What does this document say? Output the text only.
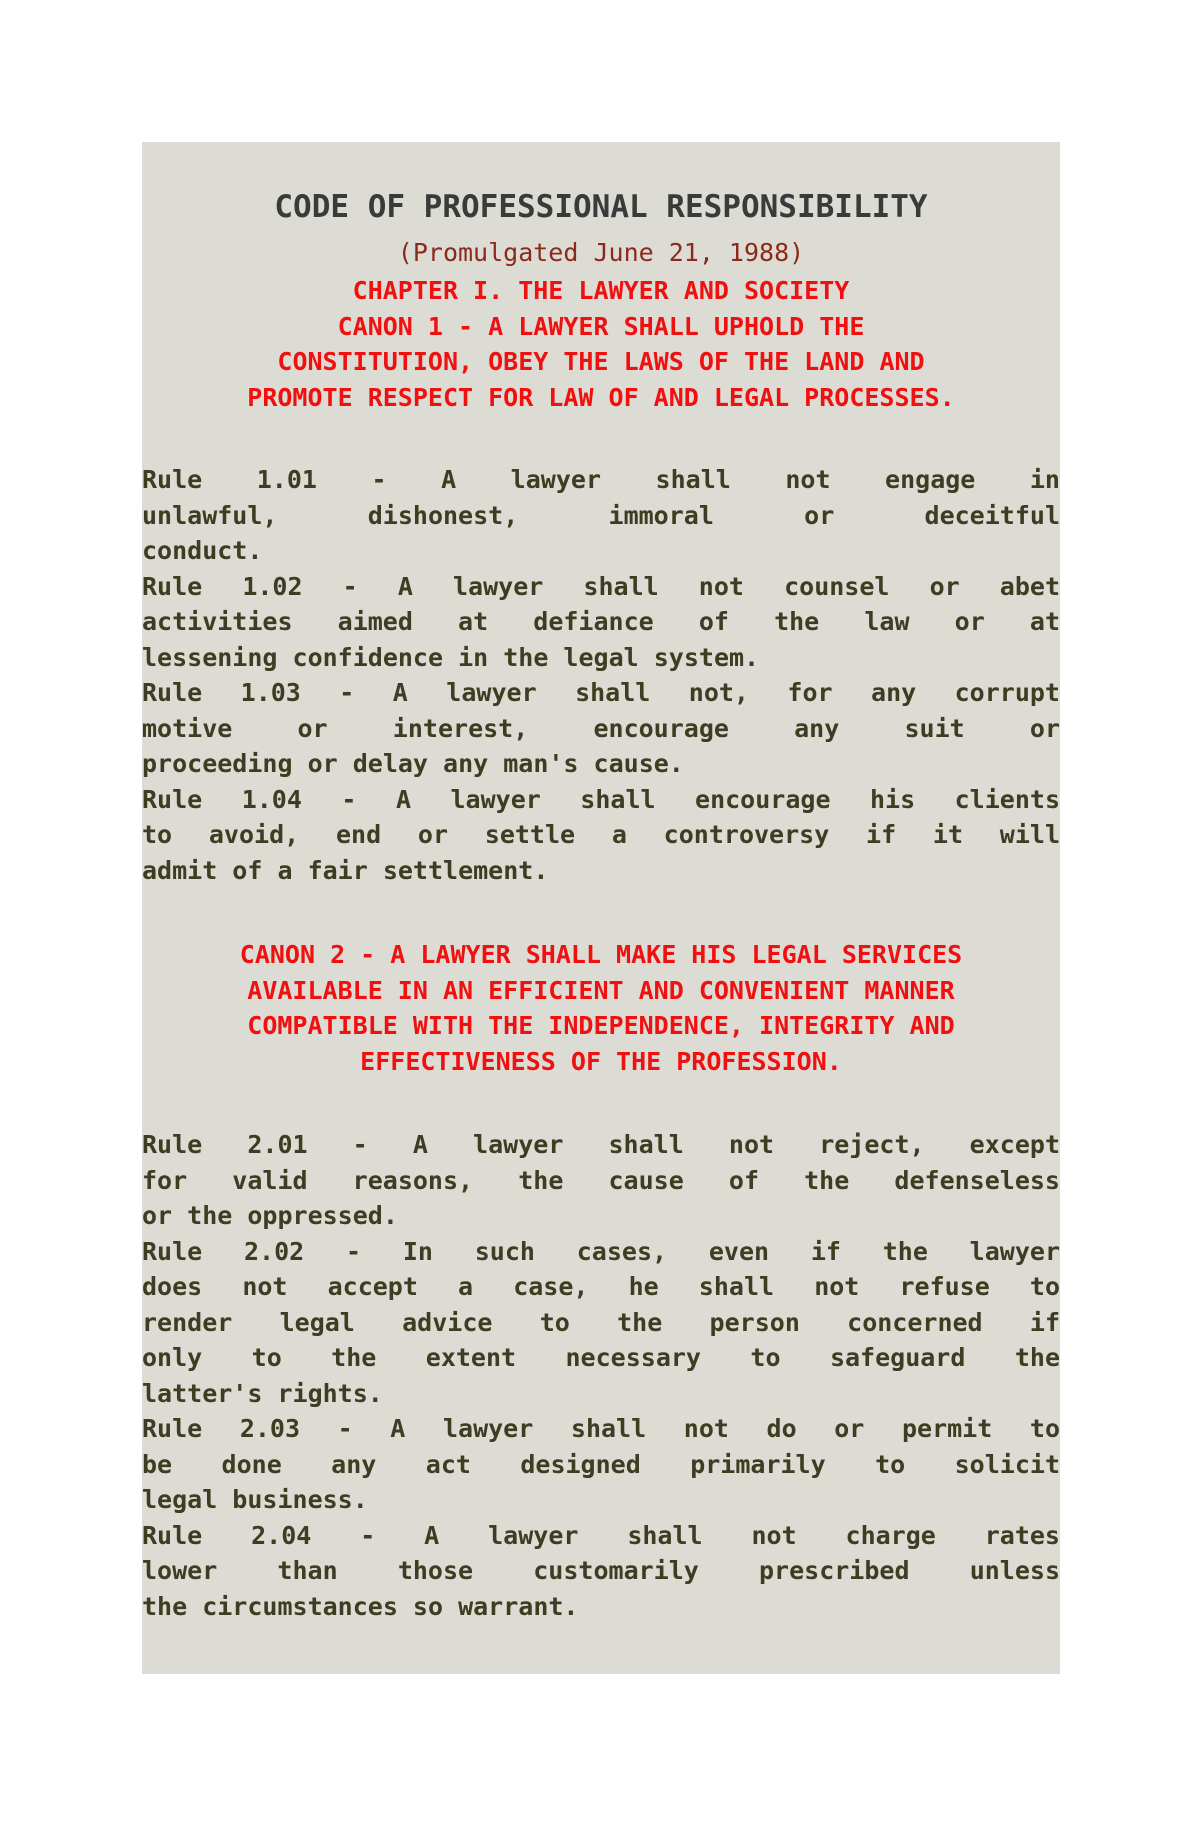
CODE OF PROFESSIONAL RESPONSIBILITY

(Promulgated June 21, 1988)

CHAPTER I. THE LAWYER AND SOCIETY
CANON 1 - A LAWYER SHALL UPHOLD THE
CONSTITUTION, OBEY THE LAWS OF THE LAND AND
PROMOTE RESPECT FOR LAW OF AND LEGAL PROCESSES.

Rule 1.01 - A lawyer shall not engage in
unlawful, dishonest, immoral or deceitful
conduct.

Rule 1.02 - A lawyer shall not counsel or abet
activities aimed at defiance of the law or at
lessening confidence in the legal system.

Rule 1.03 - A lawyer shall not, for any corrupt
motive or interest, encourage any suit or
proceeding or delay any man's cause.

Rule 1.04 - A lawyer shall encourage his clients
to avoid, end or settle a controversy if it will
admit of a fair settlement.

CANON 2 - A LAWYER SHALL MAKE HIS LEGAL SERVICES
AVAILABLE IN AN EFFICIENT AND CONVENIENT MANNER
COMPATIBLE WITH THE INDEPENDENCE, INTEGRITY AND
EFFECTIVENESS OF THE PROFESSION.

Rule 2.01 - A lawyer shall not reject, except
for valid reasons, the cause of the defenseless
or the oppressed.

Rule 2.02 - In such cases, even if the lawyer
does not accept a case, he shall not refuse to
render legal advice to the person concerned if
only to the extent necessary to safeguard the
latter's rights.

Rule 2.03 - A lawyer shall not do or permit to
be done any act designed primarily to solicit
legal business.

Rule 2.04 - A lawyer shall not charge rates
lower than those customarily prescribed unless
the circumstances so warrant.
